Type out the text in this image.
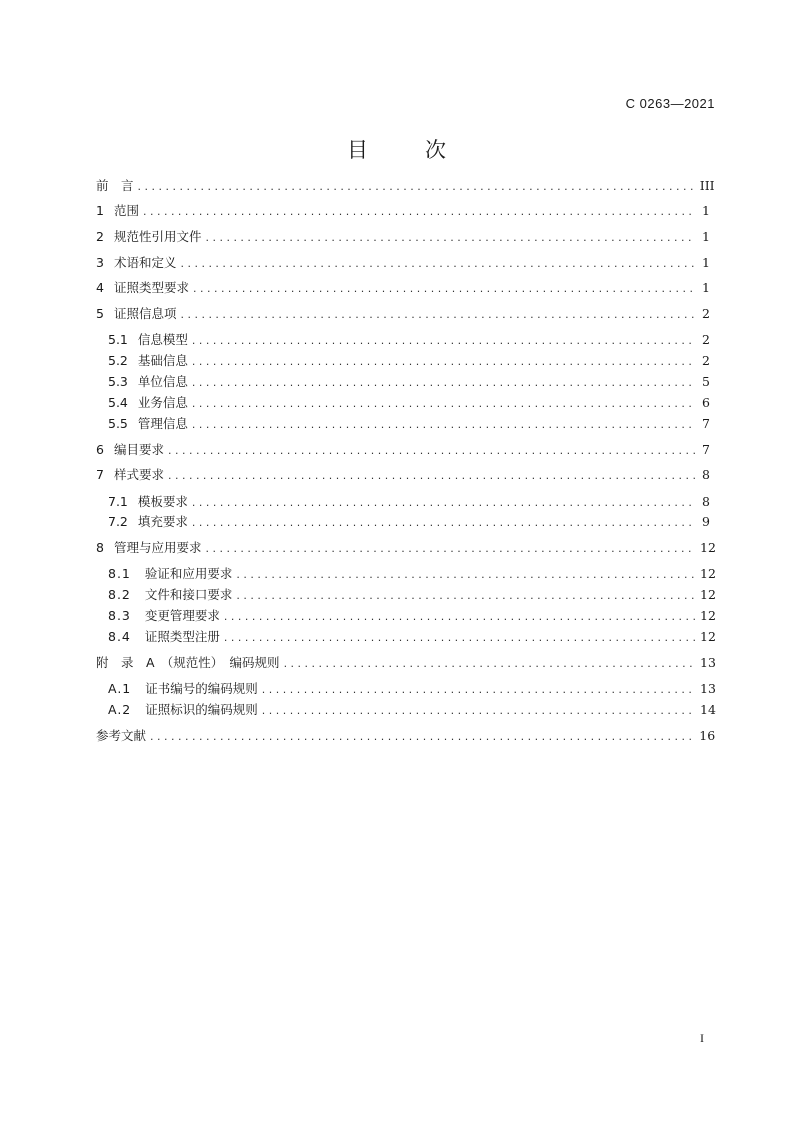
C 0263—2021
目　次
前　言 . . .	III
1 范围 . . .	1
2 规范性引用文件 . . .	1
3 术语和定义 . . .	1
4 证照类型要求 . . .	1
5 证照信息项 . . .	2
5.1 信息模型 . . .	2
5.2 基础信息 . . .	2
5.3 单位信息 . . .	5
5.4 业务信息 . . .	6
5.5 管理信息 . . .	7
6 编目要求 . . .	7
7 样式要求 . . .	8
7.1 模板要求 . . .	8
7.2 填充要求 . . .	9
8 管理与应用要求 . . .	12
8.1 验证和应用要求 . . .	12
8.2 文件和接口要求 . . .	12
8.3 变更管理要求 . . .	12
8.4 证照类型注册 . . .	12
附　录　A　（规范性）　编码规则 . . .	13
A.1 证书编号的编码规则 . . .	13
A.2 证照标识的编码规则 . . .	14
参考文献 . . .	16
I
